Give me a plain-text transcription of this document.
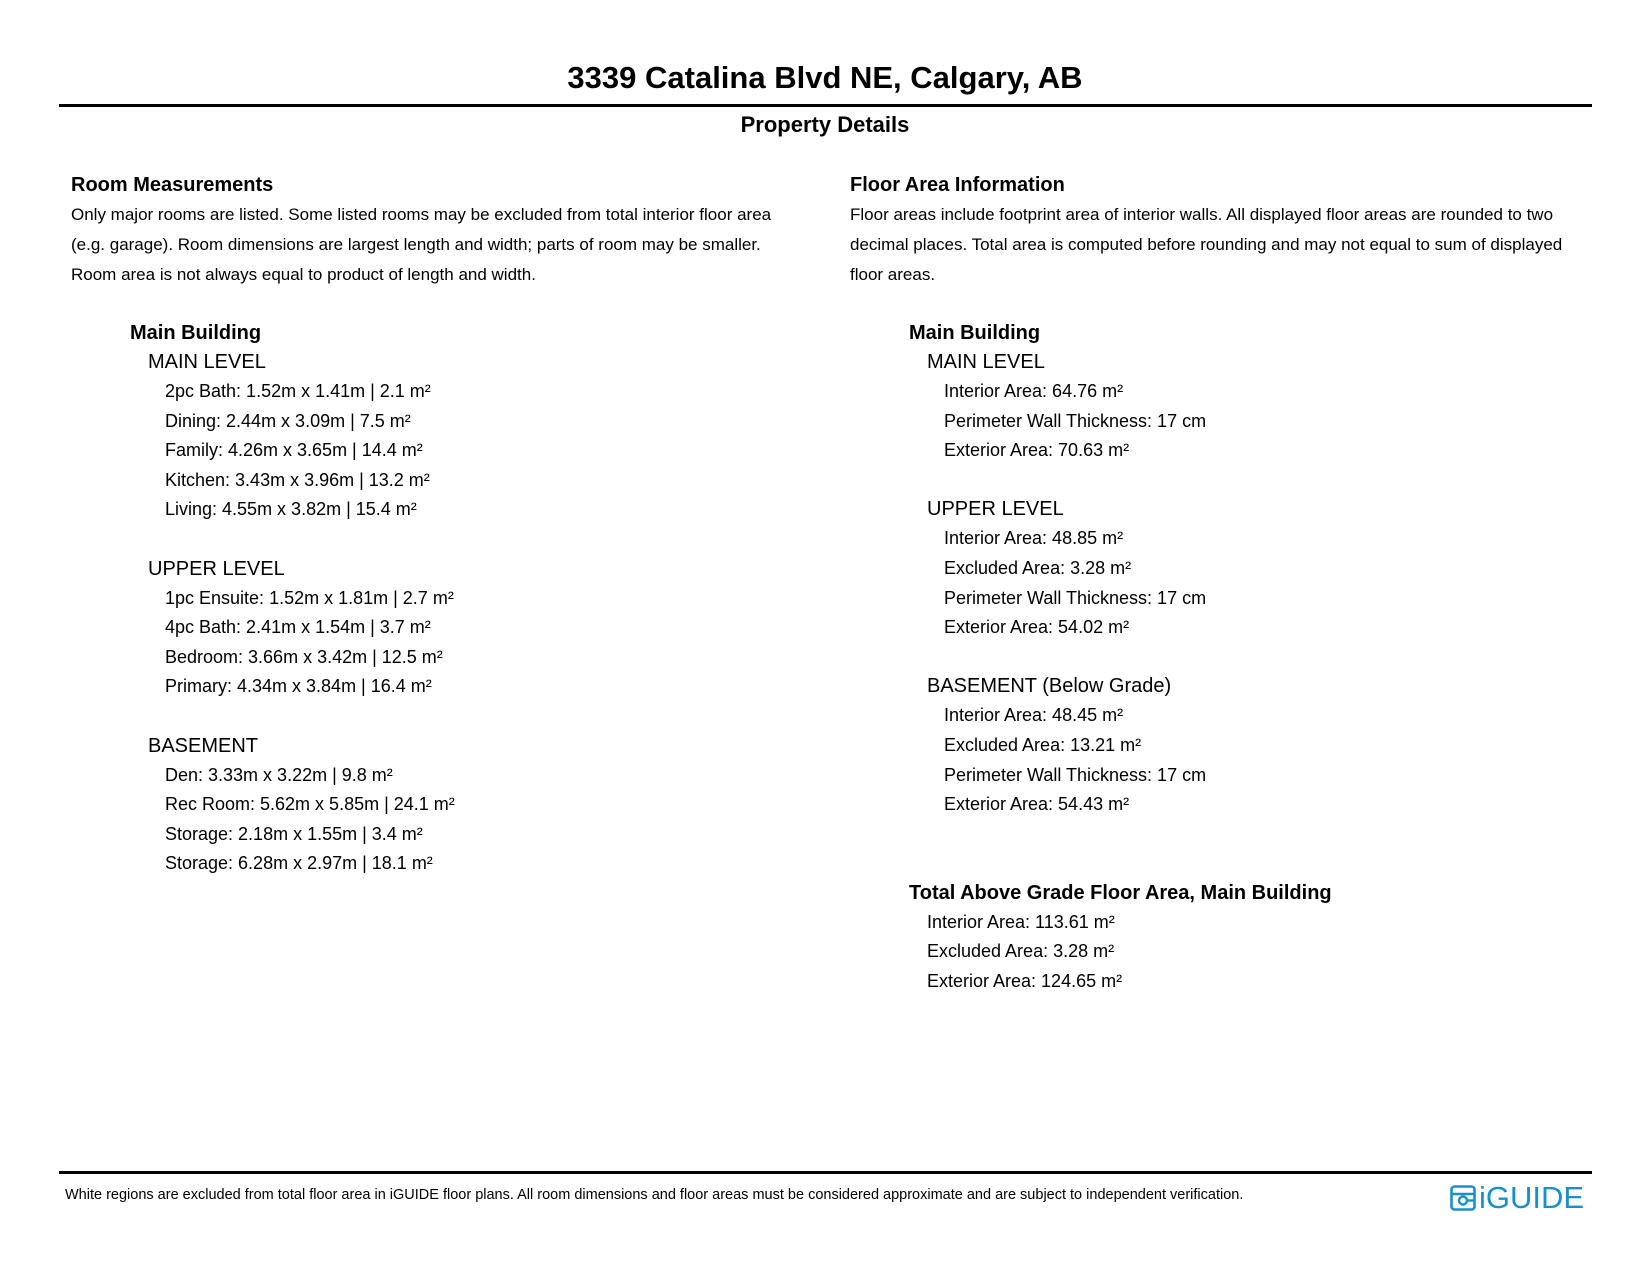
3339 Catalina Blvd NE, Calgary, AB
Property Details
Room Measurements
Only major rooms are listed. Some listed rooms may be excluded from total interior floor area
(e.g. garage). Room dimensions are largest length and width; parts of room may be smaller.
Room area is not always equal to product of length and width.
Main Building
MAIN LEVEL
2pc Bath: 1.52m x 1.41m | 2.1 m²
Dining: 2.44m x 3.09m | 7.5 m²
Family: 4.26m x 3.65m | 14.4 m²
Kitchen: 3.43m x 3.96m | 13.2 m²
Living: 4.55m x 3.82m | 15.4 m²
UPPER LEVEL
1pc Ensuite: 1.52m x 1.81m | 2.7 m²
4pc Bath: 2.41m x 1.54m | 3.7 m²
Bedroom: 3.66m x 3.42m | 12.5 m²
Primary: 4.34m x 3.84m | 16.4 m²
BASEMENT
Den: 3.33m x 3.22m | 9.8 m²
Rec Room: 5.62m x 5.85m | 24.1 m²
Storage: 2.18m x 1.55m | 3.4 m²
Storage: 6.28m x 2.97m | 18.1 m²
Floor Area Information
Floor areas include footprint area of interior walls. All displayed floor areas are rounded to two
decimal places. Total area is computed before rounding and may not equal to sum of displayed
floor areas.
Main Building
MAIN LEVEL
Interior Area: 64.76 m²
Perimeter Wall Thickness: 17 cm
Exterior Area: 70.63 m²
UPPER LEVEL
Interior Area: 48.85 m²
Excluded Area: 3.28 m²
Perimeter Wall Thickness: 17 cm
Exterior Area: 54.02 m²
BASEMENT (Below Grade)
Interior Area: 48.45 m²
Excluded Area: 13.21 m²
Perimeter Wall Thickness: 17 cm
Exterior Area: 54.43 m²
Total Above Grade Floor Area, Main Building
Interior Area: 113.61 m²
Excluded Area: 3.28 m²
Exterior Area: 124.65 m²
White regions are excluded from total floor area in iGUIDE floor plans. All room dimensions and floor areas must be considered approximate and are subject to independent verification.	iGUIDE
